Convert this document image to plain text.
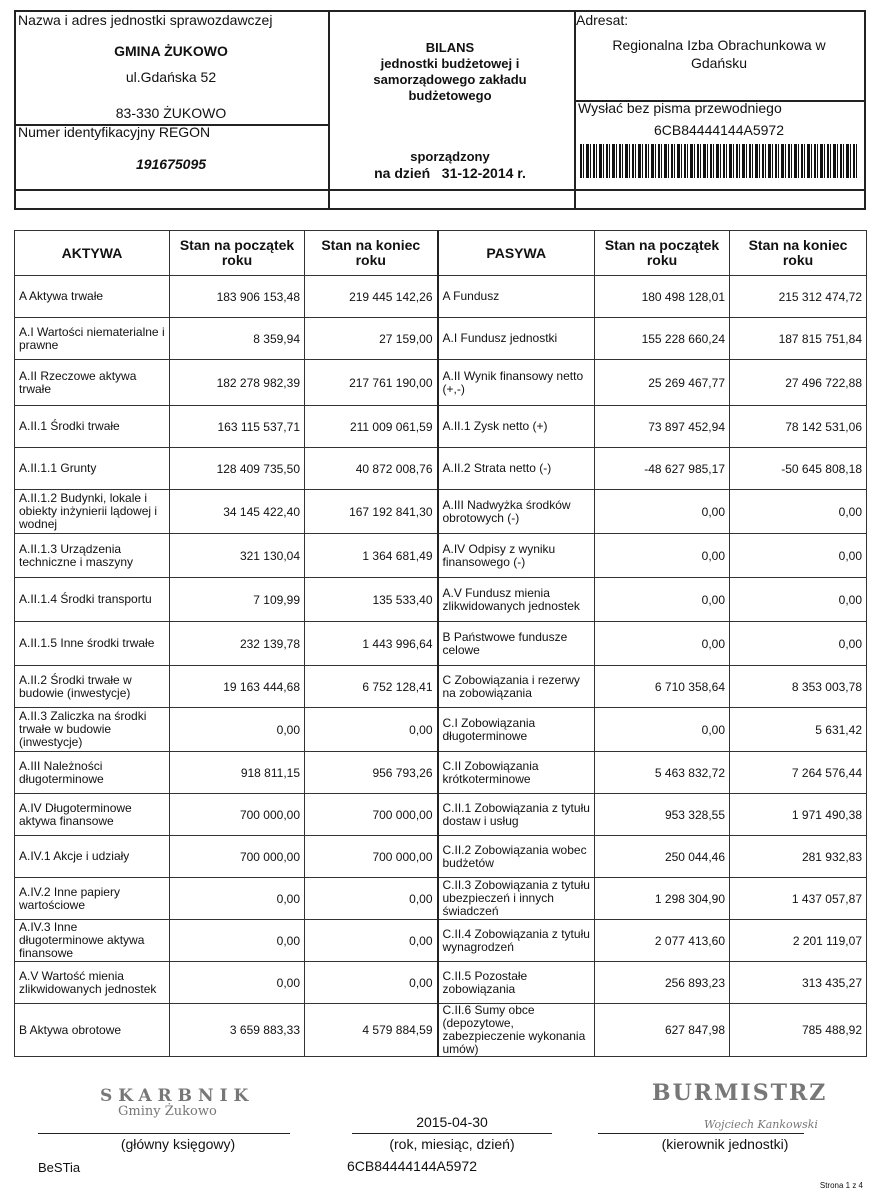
Nazwa i adres jednostki sprawozdawczej
GMINA ŻUKOWO
ul.Gdańska 52
83-330 ŻUKOWO
Numer identyfikacyjny REGON
191675095
BILANS
jednostki budżetowej i
samorządowego zakładu
budżetowego
sporządzony
na dzień   31-12-2014 r.
Adresat:
Regionalna Izba Obrachunkowa w
Gdańsku
Wysłać bez pisma przewodniego
6CB84444144A5972
AKTYWA	Stan na początek roku	Stan na koniec roku	PASYWA	Stan na początek roku	Stan na koniec roku
A Aktywa trwałe	183 906 153,48	219 445 142,26	A Fundusz	180 498 128,01	215 312 474,72
A.I Wartości niematerialne i prawne	8 359,94	27 159,00	A.I Fundusz jednostki	155 228 660,24	187 815 751,84
A.II Rzeczowe aktywa trwałe	182 278 982,39	217 761 190,00	A.II Wynik finansowy netto (+,-)	25 269 467,77	27 496 722,88
A.II.1 Środki trwałe	163 115 537,71	211 009 061,59	A.II.1 Zysk netto (+)	73 897 452,94	78 142 531,06
A.II.1.1 Grunty	128 409 735,50	40 872 008,76	A.II.2 Strata netto (-)	-48 627 985,17	-50 645 808,18
A.II.1.2 Budynki, lokale i obiekty inżynierii lądowej i wodnej	34 145 422,40	167 192 841,30	A.III Nadwyżka środków obrotowych (-)	0,00	0,00
A.II.1.3 Urządzenia techniczne i maszyny	321 130,04	1 364 681,49	A.IV Odpisy z wyniku finansowego (-)	0,00	0,00
A.II.1.4 Środki transportu	7 109,99	135 533,40	A.V Fundusz mienia zlikwidowanych jednostek	0,00	0,00
A.II.1.5 Inne środki trwałe	232 139,78	1 443 996,64	B Państwowe fundusze celowe	0,00	0,00
A.II.2 Środki trwałe w budowie (inwestycje)	19 163 444,68	6 752 128,41	C Zobowiązania i rezerwy na zobowiązania	6 710 358,64	8 353 003,78
A.II.3 Zaliczka na środki trwałe w budowie (inwestycje)	0,00	0,00	C.I Zobowiązania długoterminowe	0,00	5 631,42
A.III Należności długoterminowe	918 811,15	956 793,26	C.II Zobowiązania krótkoterminowe	5 463 832,72	7 264 576,44
A.IV Długoterminowe aktywa finansowe	700 000,00	700 000,00	C.II.1 Zobowiązania z tytułu dostaw i usług	953 328,55	1 971 490,38
A.IV.1 Akcje i udziały	700 000,00	700 000,00	C.II.2 Zobowiązania wobec budżetów	250 044,46	281 932,83
A.IV.2 Inne papiery wartościowe	0,00	0,00	C.II.3 Zobowiązania z tytułu ubezpieczeń i innych świadczeń	1 298 304,90	1 437 057,87
A.IV.3 Inne długoterminowe aktywa finansowe	0,00	0,00	C.II.4 Zobowiązania z tytułu wynagrodzeń	2 077 413,60	2 201 119,07
A.V Wartość mienia zlikwidowanych jednostek	0,00	0,00	C.II.5 Pozostałe zobowiązania	256 893,23	313 435,27
B Aktywa obrotowe	3 659 883,33	4 579 884,59	C.II.6 Sumy obce (depozytowe, zabezpieczenie wykonania umów)	627 847,98	785 488,92
SKARBNIK
Gminy Żukowo
BURMISTRZ
Wojciech Kankowski
2015-04-30
(główny księgowy)	(rok, miesiąc, dzień)	(kierownik jednostki)
BeSTia	6CB84444144A5972
Strona 1 z 4
